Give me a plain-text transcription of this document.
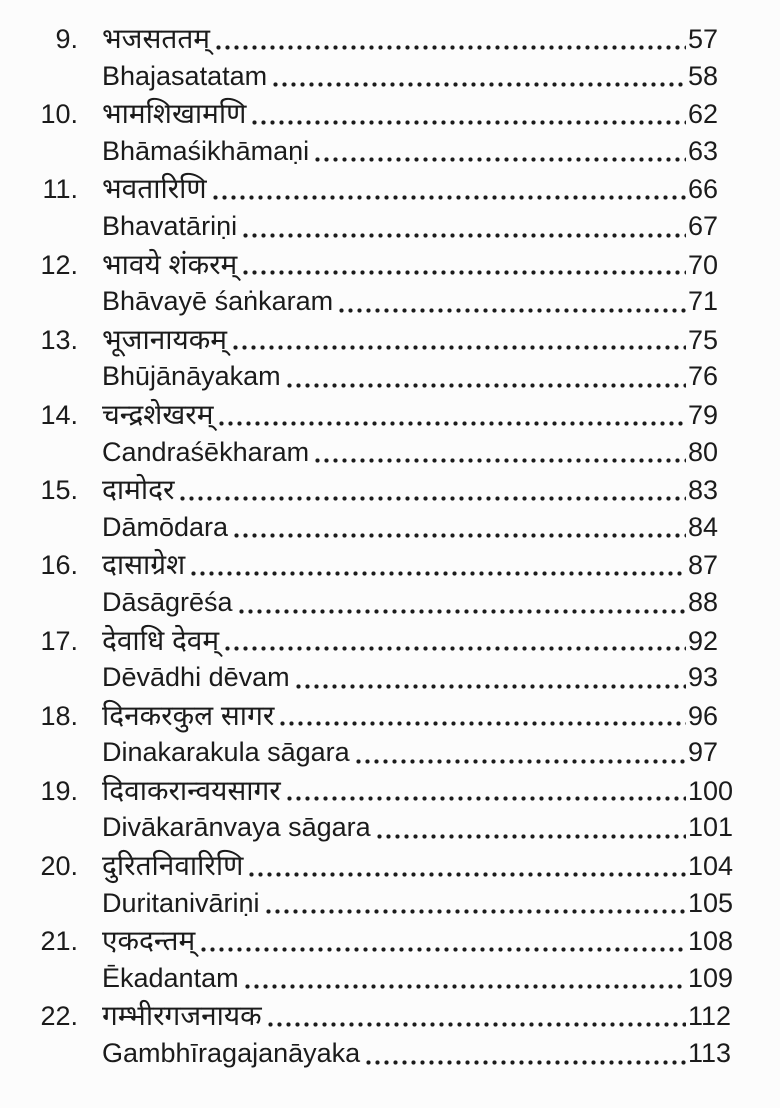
9. भजसततम्	57
Bhajasatatam	58
10. भामशिखामणि	62
Bhāmaśikhāmaṇi	63
11. भवतारिणि	66
Bhavatāriṇi	67
12. भावये शंकरम्	70
Bhāvayē śaṅkaram	71
13. भूजानायकम्	75
Bhūjānāyakam	76
14. चन्द्रशेखरम्	79
Candraśēkharam	80
15. दामोदर	83
Dāmōdara	84
16. दासाग्रेश	87
Dāsāgrēśa	88
17. देवाधि देवम्	92
Dēvādhi dēvam	93
18. दिनकरकुल सागर	96
Dinakarakula sāgara	97
19. दिवाकरान्वयसागर	100
Divākarānvaya sāgara	101
20. दुरितनिवारिणि	104
Duritanivāriṇi	105
21. एकदन्तम्	108
Ēkadantam	109
22. गम्भीरगजनायक	112
Gambhīragajanāyaka	113
